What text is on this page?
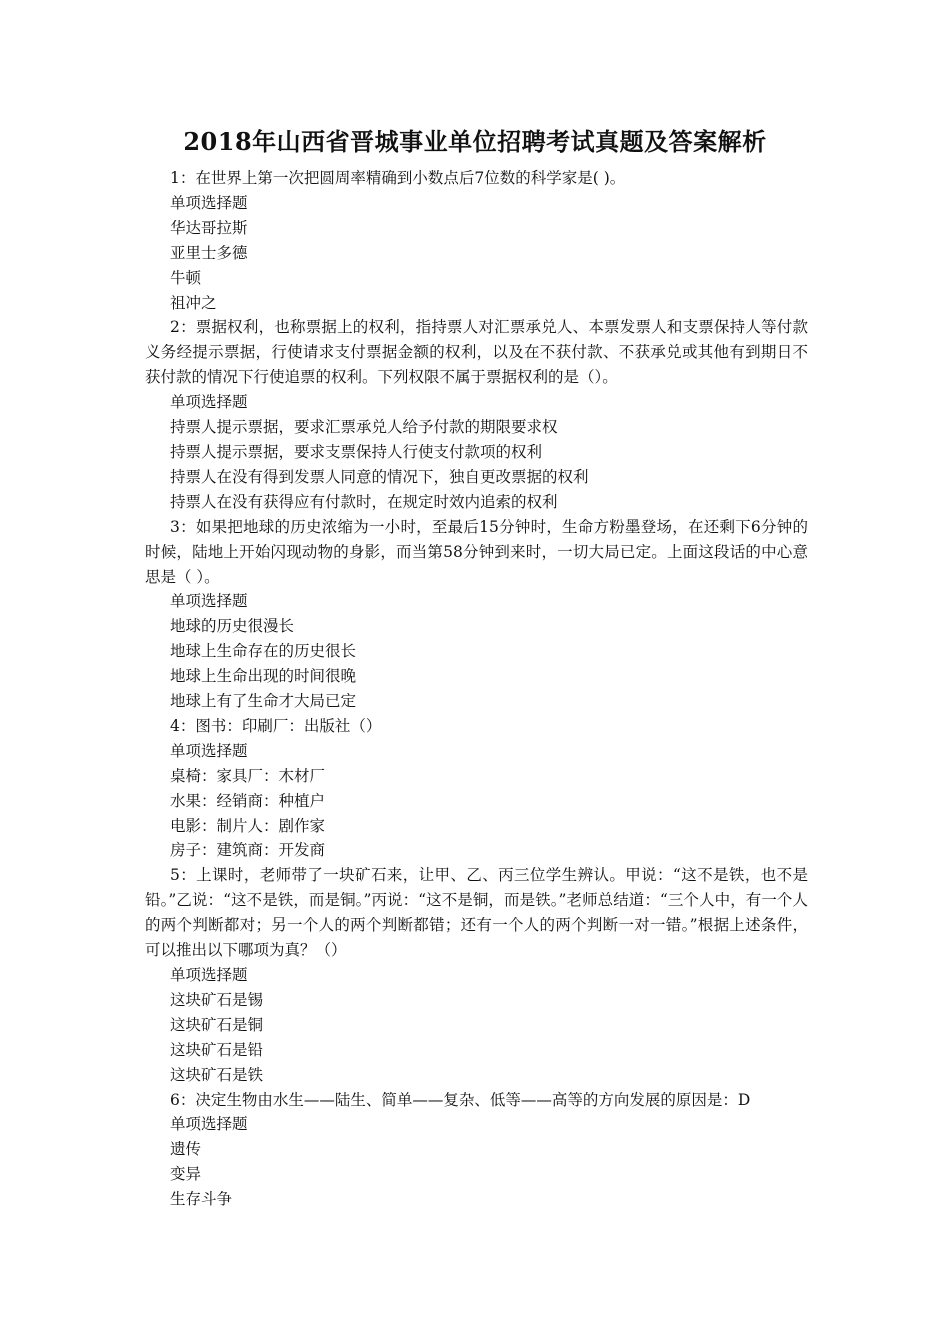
2018年山西省晋城事业单位招聘考试真题及答案解析

1：在世界上第一次把圆周率精确到小数点后7位数的科学家是( )。

单项选择题

华达哥拉斯

亚里士多德

牛顿

祖冲之

2：票据权利，也称票据上的权利，指持票人对汇票承兑人、本票发票人和支票保持人等付款义务经提示票据，行使请求支付票据金额的权利，以及在不获付款、不获承兑或其他有到期日不获付款的情况下行使追票的权利。下列权限不属于票据权利的是（）。

单项选择题

持票人提示票据，要求汇票承兑人给予付款的期限要求权

持票人提示票据，要求支票保持人行使支付款项的权利

持票人在没有得到发票人同意的情况下，独自更改票据的权利

持票人在没有获得应有付款时，在规定时效内追索的权利

3：如果把地球的历史浓缩为一小时，至最后15分钟时，生命方粉墨登场，在还剩下6分钟的时候，陆地上开始闪现动物的身影，而当第58分钟到来时，一切大局已定。上面这段话的中心意思是（ ）。

单项选择题

地球的历史很漫长

地球上生命存在的历史很长

地球上生命出现的时间很晚

地球上有了生命才大局已定

4：图书：印刷厂：出版社（）

单项选择题

桌椅：家具厂：木材厂

水果：经销商：种植户

电影：制片人：剧作家

房子：建筑商：开发商

5：上课时，老师带了一块矿石来，让甲、乙、丙三位学生辨认。甲说：“这不是铁，也不是铅。”乙说：“这不是铁，而是铜。”丙说：“这不是铜，而是铁。”老师总结道：“三个人中，有一个人的两个判断都对；另一个人的两个判断都错；还有一个人的两个判断一对一错。”根据上述条件，可以推出以下哪项为真？（）

单项选择题

这块矿石是锡

这块矿石是铜

这块矿石是铅

这块矿石是铁

6：决定生物由水生——陆生、简单——复杂、低等——高等的方向发展的原因是：D

单项选择题

遗传

变异

生存斗争
